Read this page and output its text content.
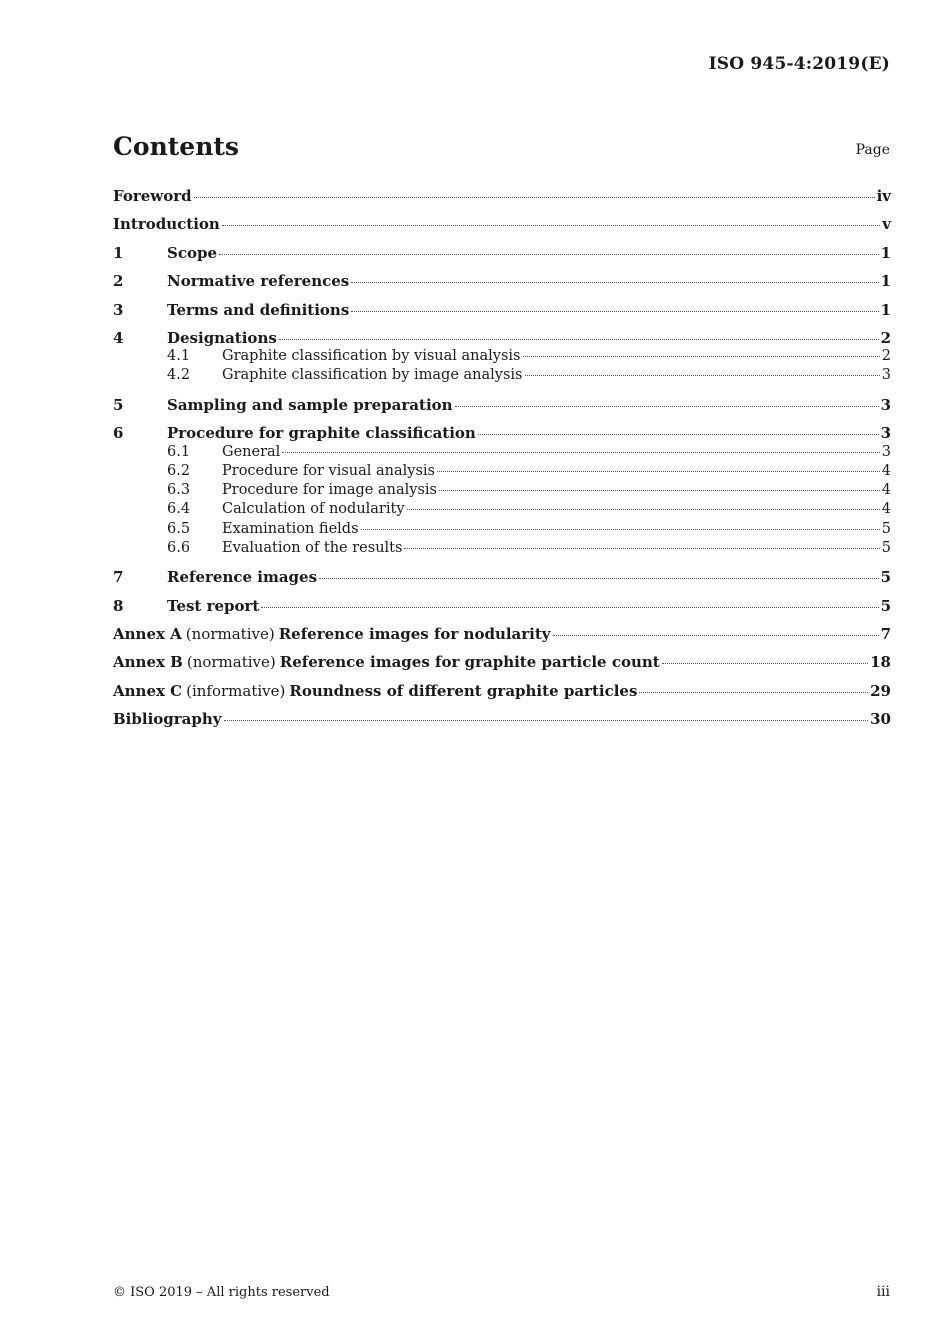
ISO 945-4:2019(E)
Contents	Page
Foreword	iv
Introduction	v
1	Scope	1
2	Normative references	1
3	Terms and definitions	1
4	Designations	2
4.1	Graphite classification by visual analysis	2
4.2	Graphite classification by image analysis	3
5	Sampling and sample preparation	3
6	Procedure for graphite classification	3
6.1	General	3
6.2	Procedure for visual analysis	4
6.3	Procedure for image analysis	4
6.4	Calculation of nodularity	4
6.5	Examination fields	5
6.6	Evaluation of the results	5
7	Reference images	5
8	Test report	5
Annex A (normative) Reference images for nodularity	7
Annex B (normative) Reference images for graphite particle count	18
Annex C (informative) Roundness of different graphite particles	29
Bibliography	30
© ISO 2019 – All rights reserved	iii
